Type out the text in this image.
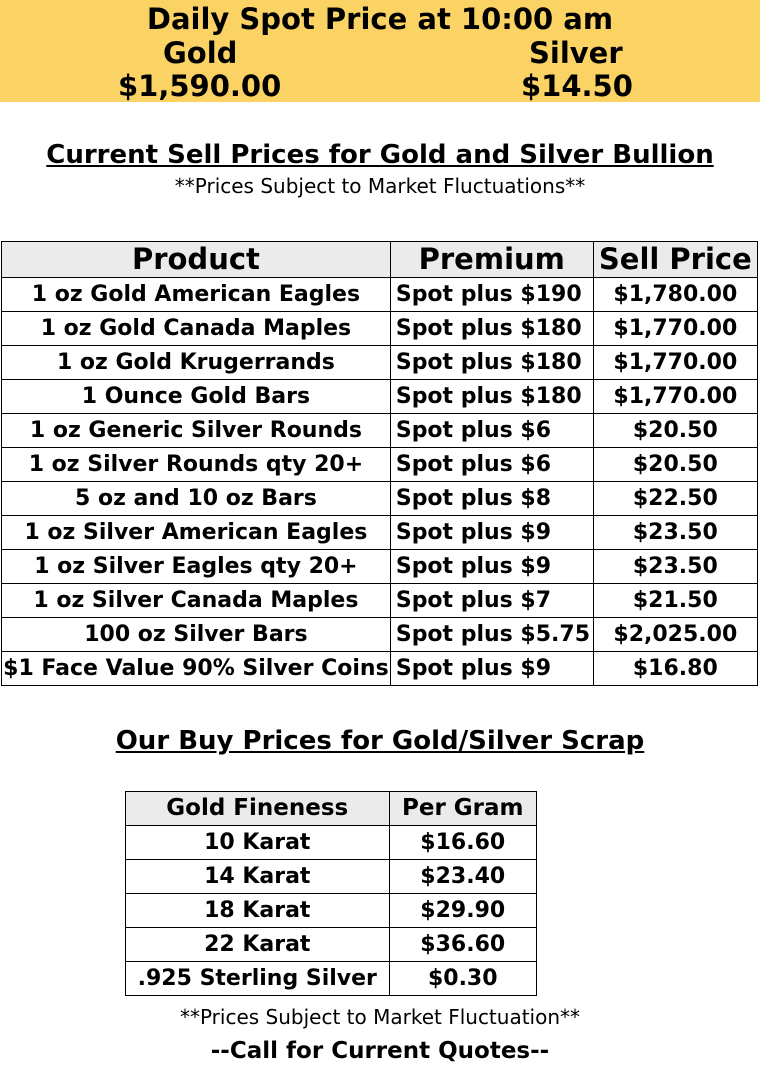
Daily Spot Price at 10:00 am
Gold	Silver
$1,590.00	$14.50
Current Sell Prices for Gold and Silver Bullion
**Prices Subject to Market Fluctuations**
Product	Premium	Sell Price
1 oz Gold American Eagles	Spot plus $190	$1,780.00
1 oz Gold Canada Maples	Spot plus $180	$1,770.00
1 oz Gold Krugerrands	Spot plus $180	$1,770.00
1 Ounce Gold Bars	Spot plus $180	$1,770.00
1 oz Generic Silver Rounds	Spot plus $6	$20.50
1 oz Silver Rounds qty 20+	Spot plus $6	$20.50
5 oz and 10 oz Bars	Spot plus $8	$22.50
1 oz Silver American Eagles	Spot plus $9	$23.50
1 oz Silver Eagles qty 20+	Spot plus $9	$23.50
1 oz Silver Canada Maples	Spot plus $7	$21.50
100 oz Silver Bars	Spot plus $5.75	$2,025.00
$1 Face Value 90% Silver Coins	Spot plus $9	$16.80
Our Buy Prices for Gold/Silver Scrap
Gold Fineness	Per Gram
10 Karat	$16.60
14 Karat	$23.40
18 Karat	$29.90
22 Karat	$36.60
.925 Sterling Silver	$0.30
**Prices Subject to Market Fluctuation**
--Call for Current Quotes--
